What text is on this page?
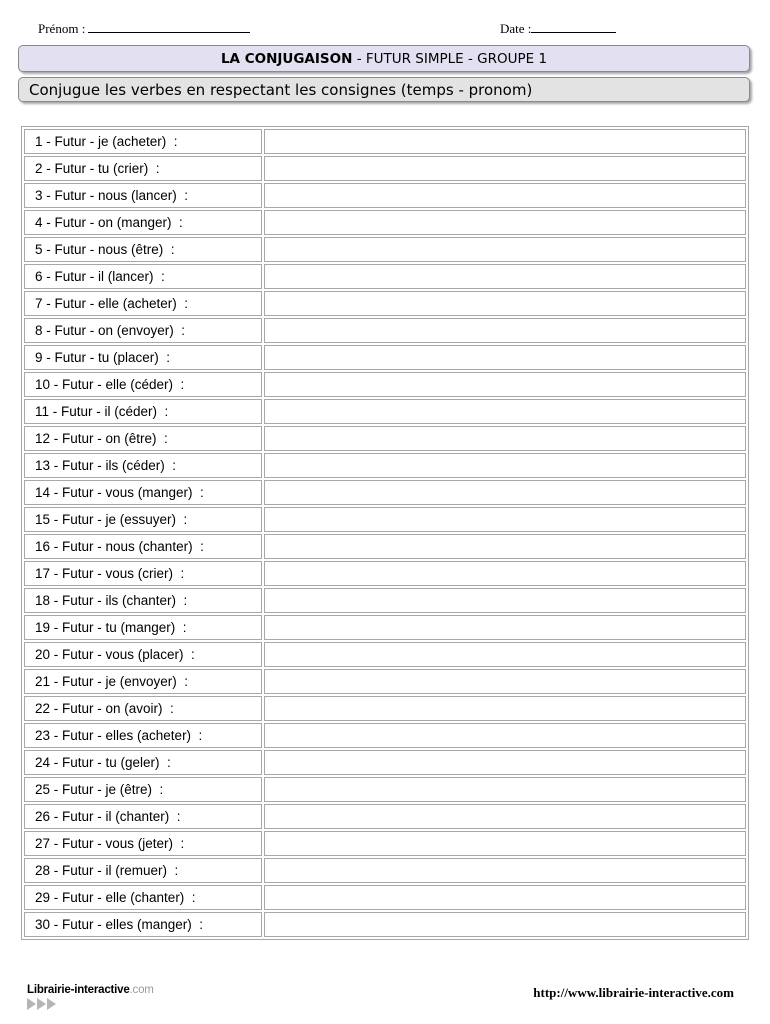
Prénom :	Date :
LA CONJUGAISON - FUTUR SIMPLE - GROUPE 1
Conjugue les verbes en respectant les consignes (temps - pronom)
1 - Futur - je (acheter)  :	
2 - Futur - tu (crier)  :	
3 - Futur - nous (lancer)  :	
4 - Futur - on (manger)  :	
5 - Futur - nous (être)  :	
6 - Futur - il (lancer)  :	
7 - Futur - elle (acheter)  :	
8 - Futur - on (envoyer)  :	
9 - Futur - tu (placer)  :	
10 - Futur - elle (céder)  :	
11 - Futur - il (céder)  :	
12 - Futur - on (être)  :	
13 - Futur - ils (céder)  :	
14 - Futur - vous (manger)  :	
15 - Futur - je (essuyer)  :	
16 - Futur - nous (chanter)  :	
17 - Futur - vous (crier)  :	
18 - Futur - ils (chanter)  :	
19 - Futur - tu (manger)  :	
20 - Futur - vous (placer)  :	
21 - Futur - je (envoyer)  :	
22 - Futur - on (avoir)  :	
23 - Futur - elles (acheter)  :	
24 - Futur - tu (geler)  :	
25 - Futur - je (être)  :	
26 - Futur - il (chanter)  :	
27 - Futur - vous (jeter)  :	
28 - Futur - il (remuer)  :	
29 - Futur - elle (chanter)  :	
30 - Futur - elles (manger)  :	
Librairie-interactive.com	http://www.librairie-interactive.com
